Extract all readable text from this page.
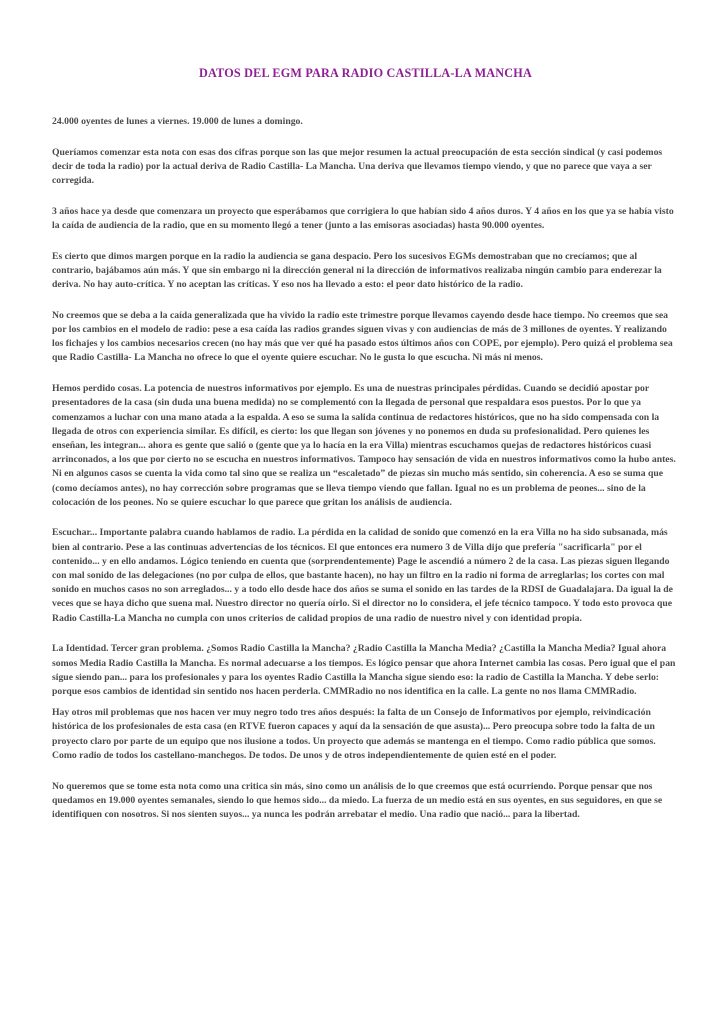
DATOS DEL EGM PARA RADIO CASTILLA-LA MANCHA

24.000 oyentes de lunes a viernes. 19.000 de lunes a domingo.

Queríamos comenzar esta nota con esas dos cifras porque son las que mejor resumen la actual preocupación de esta sección sindical (y casi podemos decir de toda la radio) por la actual deriva de Radio Castilla- La Mancha. Una deriva que llevamos tiempo viendo, y que no parece que vaya a ser corregida.

3 años hace ya desde que comenzara un proyecto que esperábamos que corrigiera lo que habían sido 4 años duros. Y 4 años en los que ya se había visto la caída de audiencia de la radio, que en su momento llegó a tener (junto a las emisoras asociadas) hasta 90.000 oyentes.

Es cierto que dimos margen porque en la radio la audiencia se gana despacio. Pero los sucesivos EGMs demostraban que no crecíamos; que al contrario, bajábamos aún más. Y que sin embargo ni la dirección general ni la dirección de informativos realizaba ningún cambio para enderezar la deriva. No hay auto-crítica. Y no aceptan las críticas. Y eso nos ha llevado a esto: el peor dato histórico de la radio.

No creemos que se deba a la caída generalizada que ha vivido la radio este trimestre porque llevamos cayendo desde hace tiempo. No creemos que sea por los cambios en el modelo de radio: pese a esa caída las radios grandes siguen vivas y con audiencias de más de 3 millones de oyentes. Y realizando los fichajes y los cambios necesarios crecen (no hay más que ver qué ha pasado estos últimos años con COPE, por ejemplo). Pero quizá el problema sea que Radio Castilla- La Mancha no ofrece lo que el oyente quiere escuchar. No le gusta lo que escucha. Ni más ni menos.

Hemos perdido cosas. La potencia de nuestros informativos por ejemplo. Es una de nuestras principales pérdidas. Cuando se decidió apostar por presentadores de la casa (sin duda una buena medida) no se complementó con la llegada de personal que respaldara esos puestos. Por lo que ya comenzamos a luchar con una mano atada a la espalda. A eso se suma la salida continua de redactores históricos, que no ha sido compensada con la llegada de otros con experiencia similar. Es difícil, es cierto: los que llegan son jóvenes y no ponemos en duda su profesionalidad. Pero quienes les enseñan, les integran... ahora es gente que salió o (gente que ya lo hacía en la era Villa) mientras escuchamos quejas de redactores históricos cuasi arrinconados, a los que por cierto no se escucha en nuestros informativos. Tampoco hay sensación de vida en nuestros informativos como la hubo antes. Ni en algunos casos se cuenta la vida como tal sino que se realiza un “escaletado” de piezas sin mucho más sentido, sin coherencia. A eso se suma que (como decíamos antes), no hay corrección sobre programas que se lleva tiempo viendo que fallan. Igual no es un problema de peones... sino de la colocación de los peones. No se quiere escuchar lo que parece que gritan los análisis de audiencia.

Escuchar... Importante palabra cuando hablamos de radio. La pérdida en la calidad de sonido que comenzó en la era Villa no ha sido subsanada, más bien al contrario. Pese a las continuas advertencias de los técnicos. El que entonces era numero 3 de Villa dijo que prefería "sacrificarla" por el contenido... y en ello andamos. Lógico teniendo en cuenta que (sorprendentemente) Page le ascendió a número 2 de la casa. Las piezas siguen llegando con mal sonido de las delegaciones (no por culpa de ellos, que bastante hacen), no hay un filtro en la radio ni forma de arreglarlas; los cortes con mal sonido en muchos casos no son arreglados... y a todo ello desde hace dos años se suma el sonido en las tardes de la RDSI de Guadalajara. Da igual la de veces que se haya dicho que suena mal. Nuestro director no quería oírlo. Si el director no lo considera, el jefe técnico tampoco. Y todo esto provoca que Radio Castilla-La Mancha no cumpla con unos criterios de calidad propios de una radio de nuestro nivel y con identidad propia.

La Identidad. Tercer gran problema. ¿Somos Radio Castilla la Mancha? ¿Radio Castilla la Mancha Media? ¿Castilla la Mancha Media? Igual ahora somos Media Radio Castilla la Mancha. Es normal adecuarse a los tiempos. Es lógico pensar que ahora Internet cambia las cosas. Pero igual que el pan sigue siendo pan... para los profesionales y para los oyentes Radio Castilla la Mancha sigue siendo eso: la radio de Castilla la Mancha. Y debe serlo: porque esos cambios de identidad sin sentido nos hacen perderla. CMMRadio no nos identifica en la calle. La gente no nos llama CMMRadio.

Hay otros mil problemas que nos hacen ver muy negro todo tres años después: la falta de un Consejo de Informativos por ejemplo, reivindicación histórica de los profesionales de esta casa (en RTVE fueron capaces y aquí da la sensación de que asusta)... Pero preocupa sobre todo la falta de un proyecto claro por parte de un equipo que nos ilusione a todos. Un proyecto que además se mantenga en el tiempo. Como radio pública que somos. Como radio de todos los castellano-manchegos. De todos. De unos y de otros independientemente de quien esté en el poder.

No queremos que se tome esta nota como una critica sin más, sino como un análisis de lo que creemos que está ocurriendo. Porque pensar que nos quedamos en 19.000 oyentes semanales, siendo lo que hemos sido... da miedo. La fuerza de un medio está en sus oyentes, en sus seguidores, en que se identifiquen con nosotros. Si nos sienten suyos... ya nunca les podrán arrebatar el medio. Una radio que nació... para la libertad.
